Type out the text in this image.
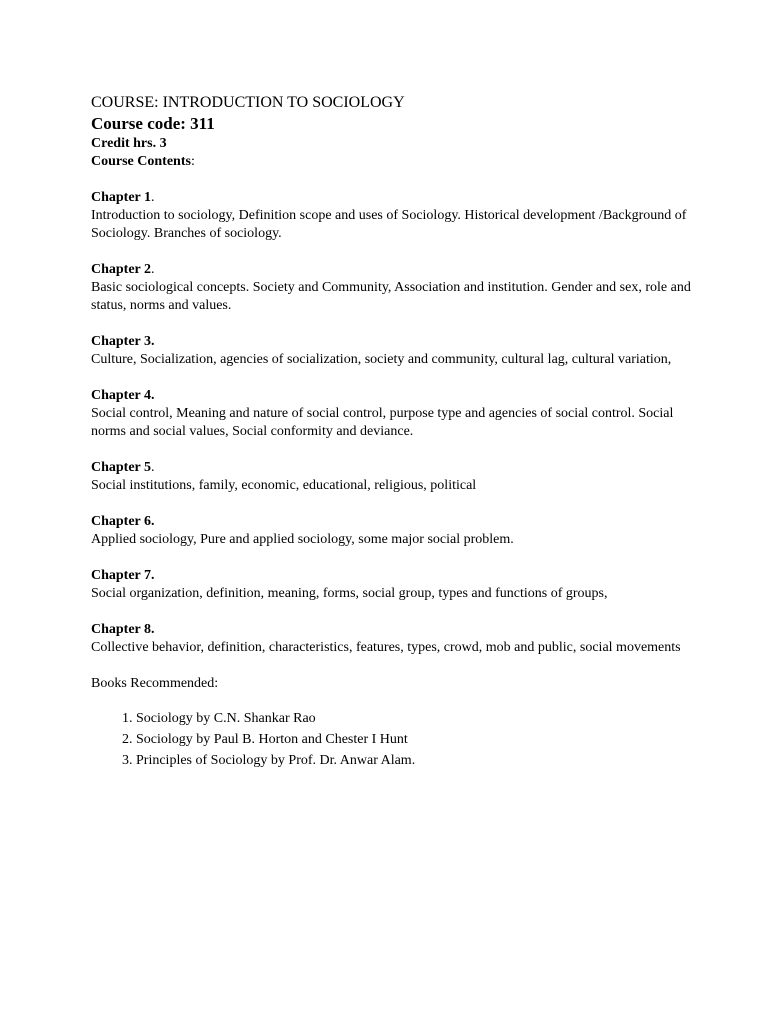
COURSE: INTRODUCTION TO SOCIOLOGY

Course code: 311

Credit hrs. 3

Course Contents:

Chapter 1.
Introduction to sociology, Definition scope and uses of Sociology. Historical development /Background of Sociology. Branches of sociology.
Chapter 2.
Basic sociological concepts. Society and Community, Association and institution. Gender and sex, role and status, norms and values.
Chapter 3.
Culture, Socialization, agencies of socialization, society and community, cultural lag, cultural variation,
Chapter 4.
Social control, Meaning and nature of social control, purpose type and agencies of social control. Social norms and social values, Social conformity and deviance.
Chapter 5.
Social institutions, family, economic, educational, religious, political
Chapter 6.
Applied sociology, Pure and applied sociology, some major social problem.
Chapter 7.
Social organization, definition, meaning, forms, social group, types and functions of groups,
Chapter 8.
Collective behavior, definition, characteristics, features, types, crowd, mob and public, social movements

Books Recommended:

1. Sociology by C.N. Shankar Rao
2. Sociology by Paul B. Horton and Chester I Hunt
3. Principles of Sociology by Prof. Dr. Anwar Alam.
